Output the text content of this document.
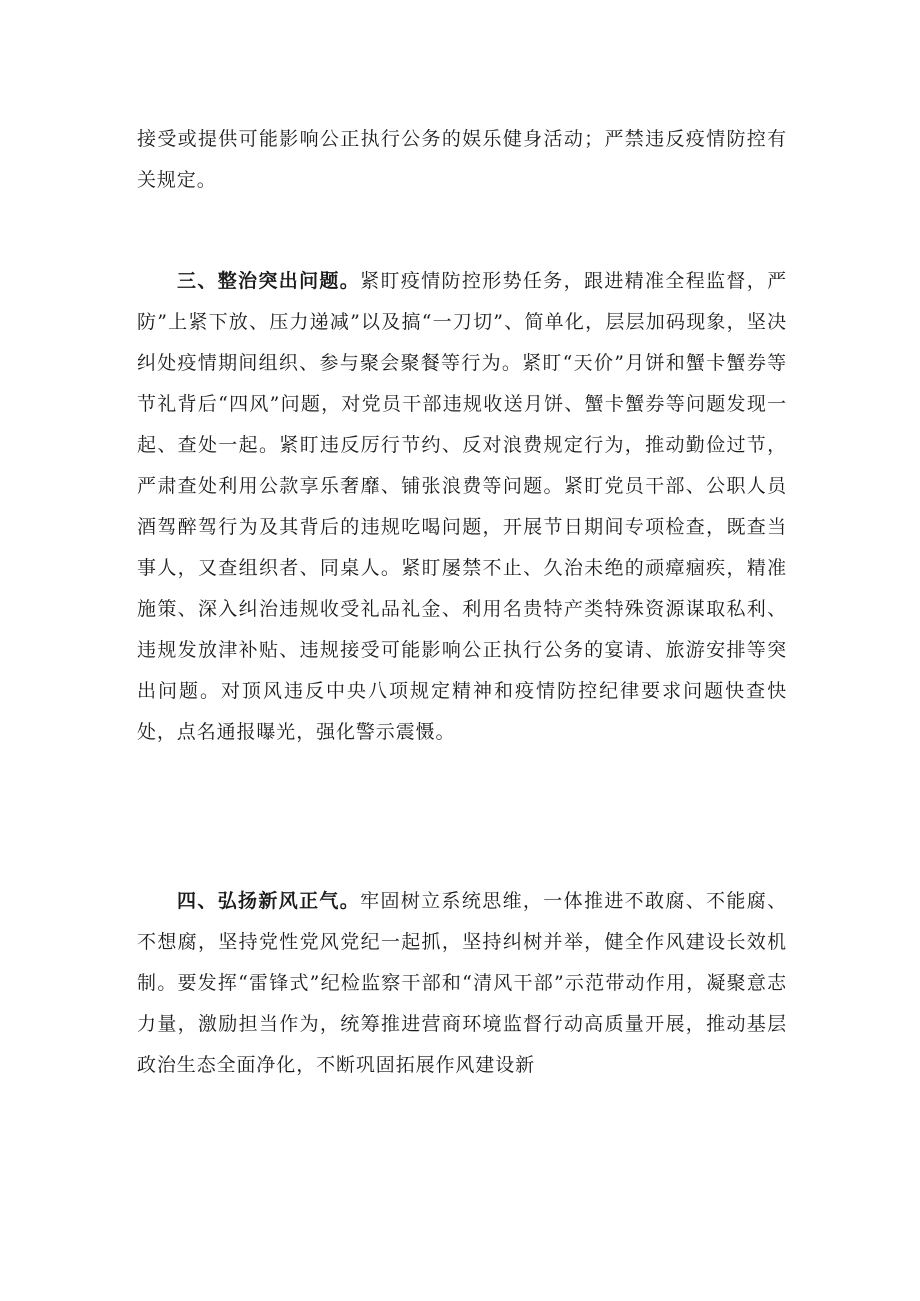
接受或提供可能影响公正执行公务的娱乐健身活动；严禁违反疫情防控有关规定。

三、整治突出问题。紧盯疫情防控形势任务，跟进精准全程监督，严防”上紧下放、压力递减”以及搞“一刀切”、简单化，层层加码现象，坚决纠处疫情期间组织、参与聚会聚餐等行为。紧盯“天价”月饼和蟹卡蟹券等节礼背后“四风”问题，对党员干部违规收送月饼、蟹卡蟹券等问题发现一起、查处一起。紧盯违反厉行节约、反对浪费规定行为，推动勤俭过节，严肃查处利用公款享乐奢靡、铺张浪费等问题。紧盯党员干部、公职人员酒驾醉驾行为及其背后的违规吃喝问题，开展节日期间专项检查，既查当事人，又查组织者、同桌人。紧盯屡禁不止、久治未绝的顽瘴痼疾，精准施策、深入纠治违规收受礼品礼金、利用名贵特产类特殊资源谋取私利、违规发放津补贴、违规接受可能影响公正执行公务的宴请、旅游安排等突出问题。对顶风违反中央八项规定精神和疫情防控纪律要求问题快查快处，点名通报曝光，强化警示震慑。

四、弘扬新风正气。牢固树立系统思维，一体推进不敢腐、不能腐、不想腐，坚持党性党风党纪一起抓，坚持纠树并举，健全作风建设长效机制。要发挥“雷锋式”纪检监察干部和“清风干部”示范带动作用，凝聚意志力量，激励担当作为，统筹推进营商环境监督行动高质量开展，推动基层政治生态全面净化，不断巩固拓展作风建设新
